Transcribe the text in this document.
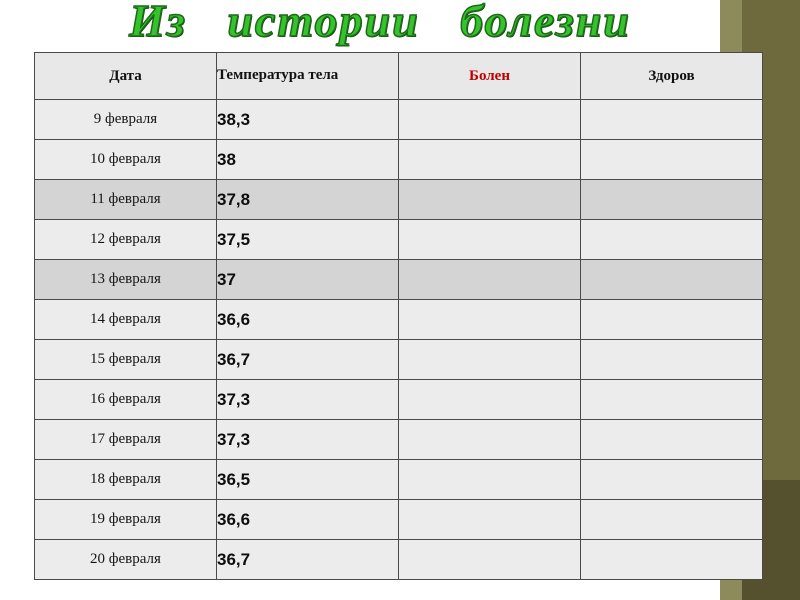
Из   истории   болезни
Дата	Температура тела	Болен	Здоров
9 февраля	38,3		
10 февраля	38		
11 февраля	37,8		
12 февраля	37,5		
13 февраля	37		
14 февраля	36,6		
15 февраля	36,7		
16 февраля	37,3		
17 февраля	37,3		
18 февраля	36,5		
19 февраля	36,6		
20 февраля	36,7		
